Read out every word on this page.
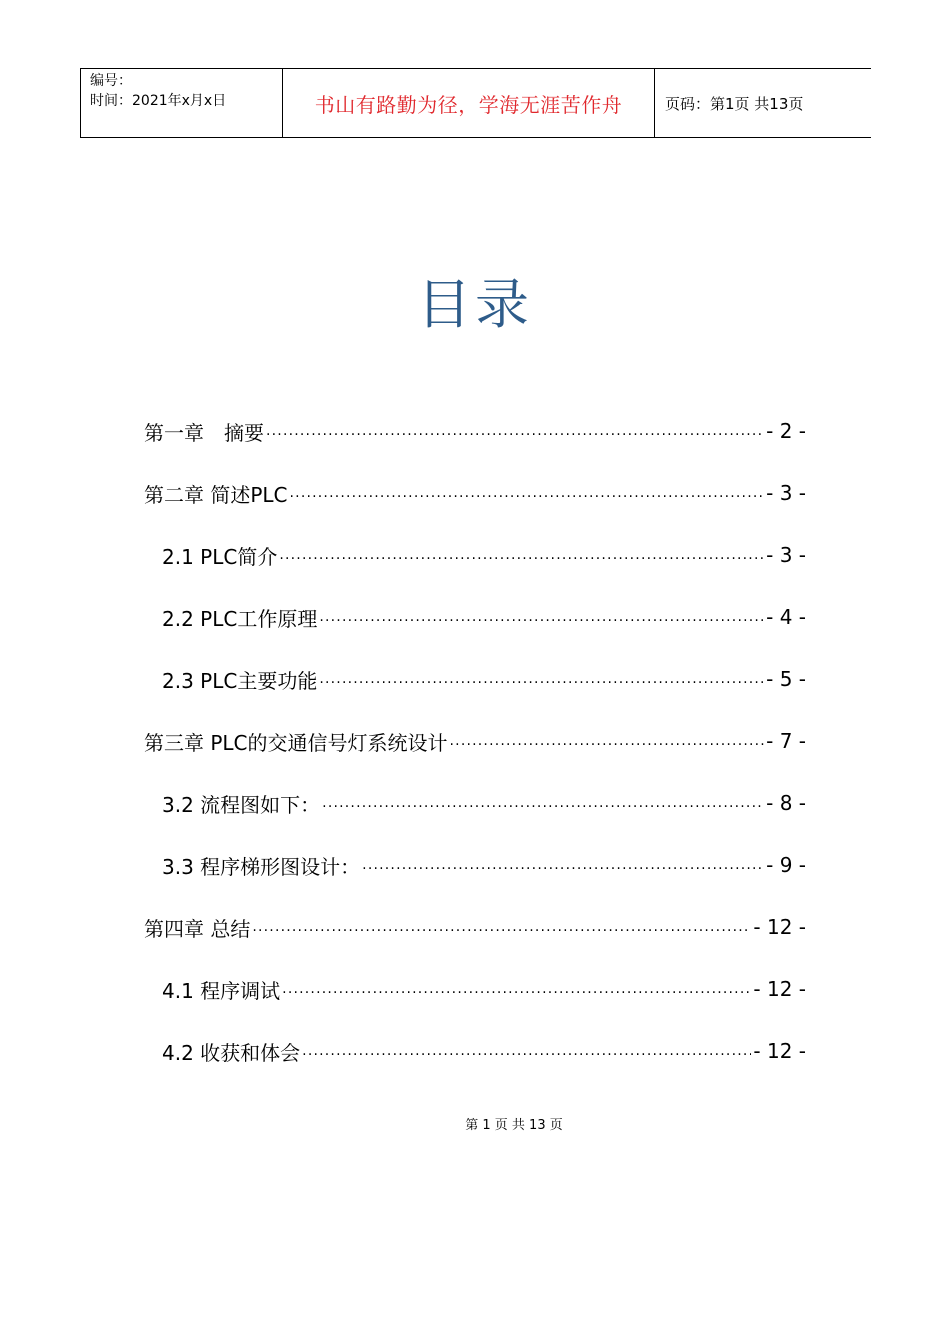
编号：
时间：2021年x月x日	书山有路勤为径，学海无涯苦作舟	页码：第1页 共13页
目录
第一章　摘要 .....	- 2 -
第二章 简述PLC .....	- 3 -
2.1 PLC简介 .....	- 3 -
2.2 PLC工作原理 .....	- 4 -
2.3 PLC主要功能 .....	- 5 -
第三章 PLC的交通信号灯系统设计 .....	- 7 -
3.2 流程图如下： .....	- 8 -
3.3 程序梯形图设计： .....	- 9 -
第四章 总结 .....	- 12 -
4.1 程序调试 .....	- 12 -
4.2 收获和体会 .....	- 12 -
第 1 页 共 13 页
